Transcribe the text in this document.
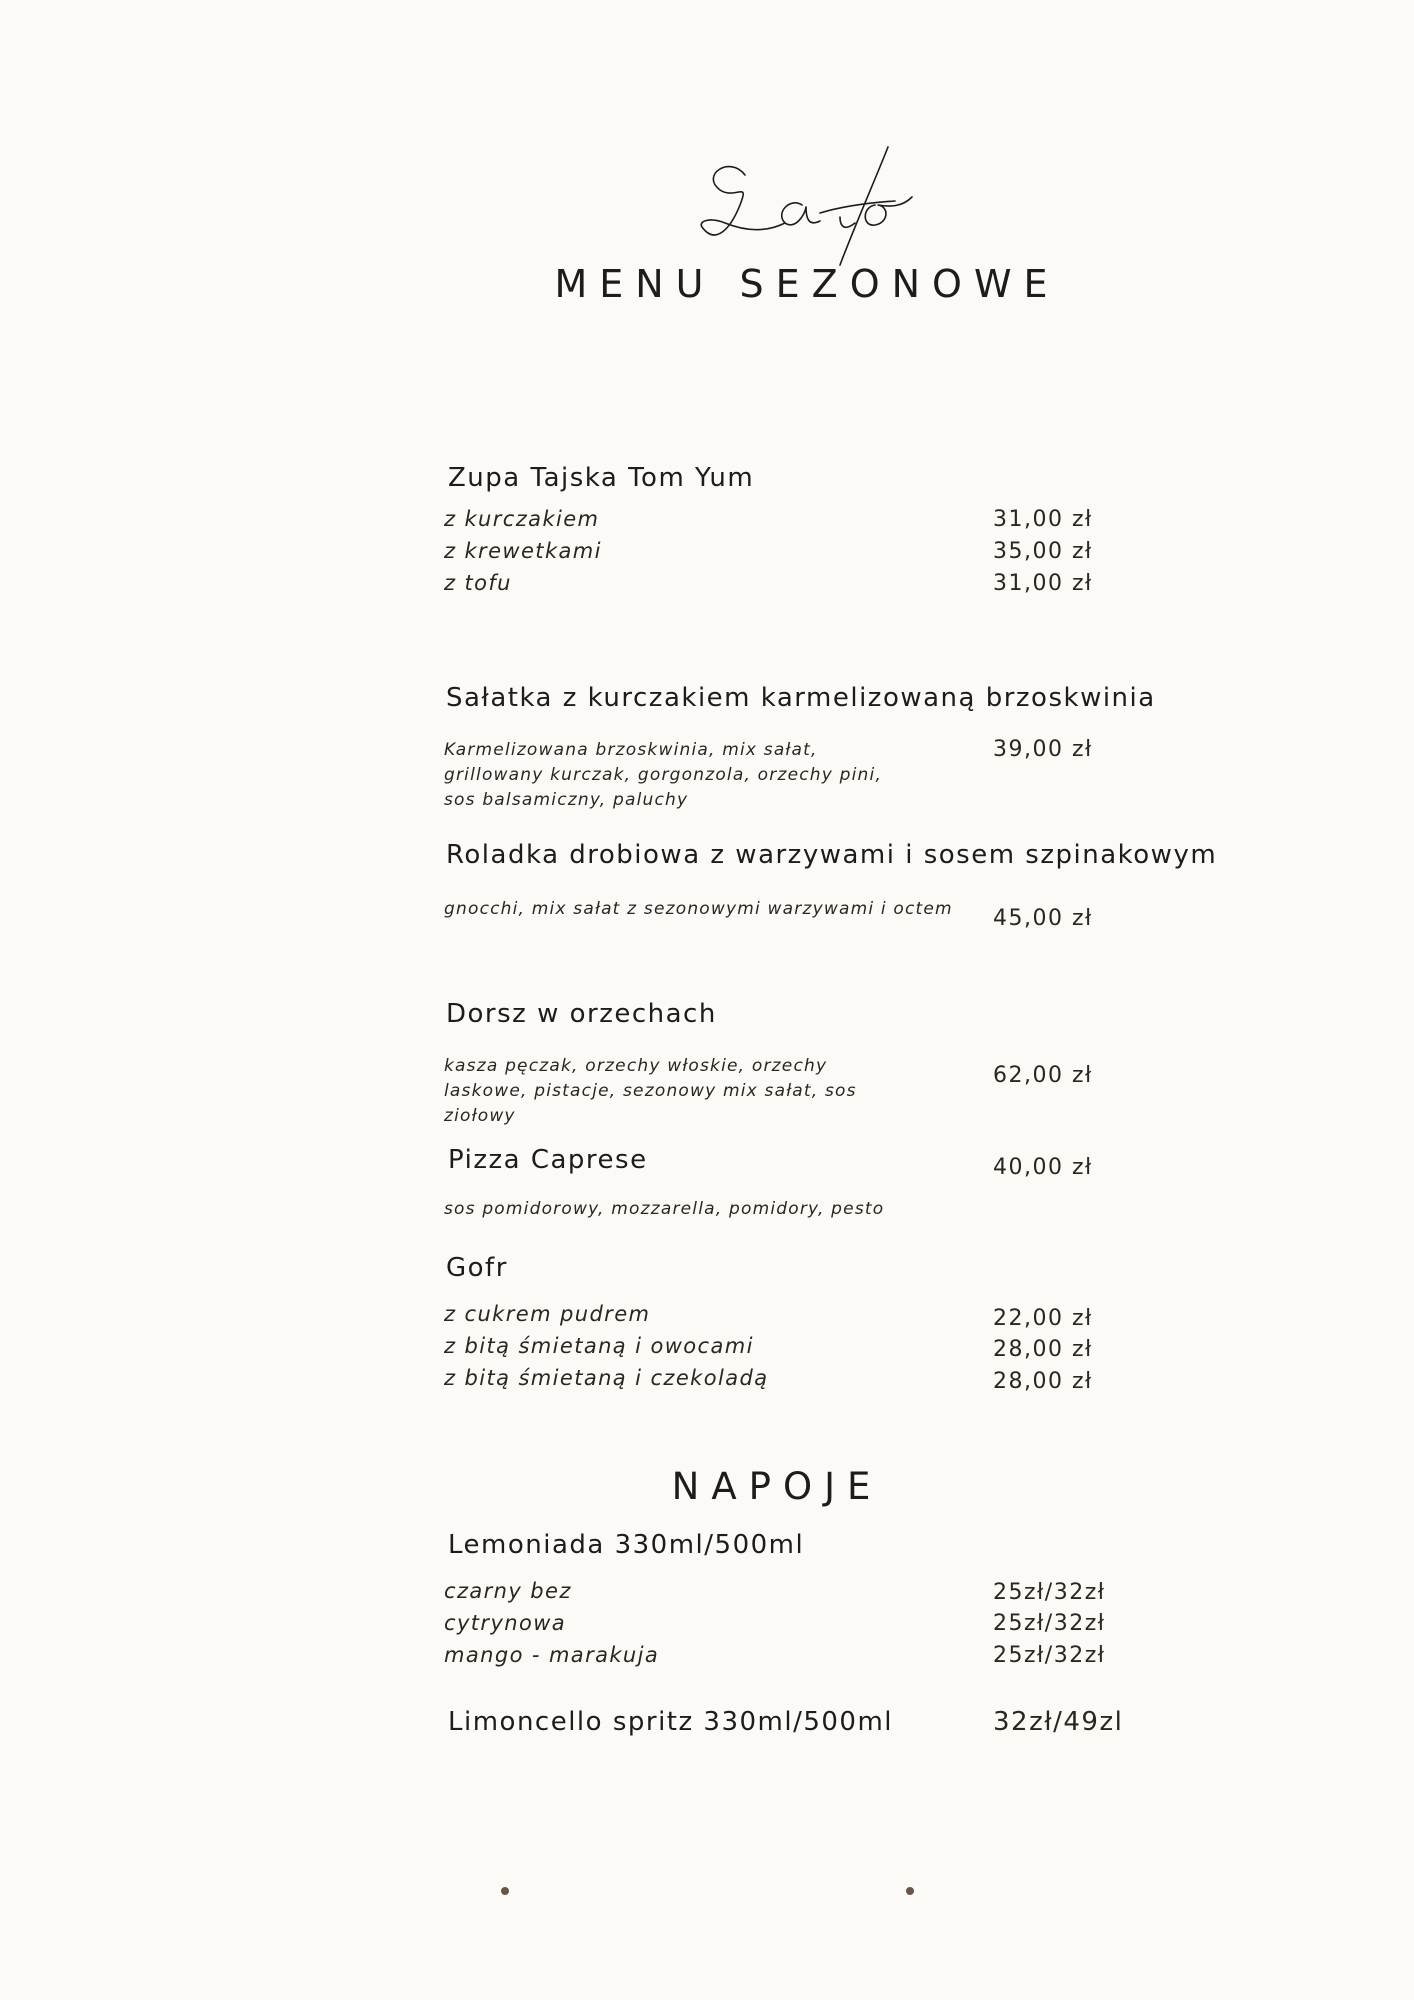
MENU SEZONOWE
Zupa Tajska Tom Yum
z kurczakiem	31,00 zł
z krewetkami	35,00 zł
z tofu	31,00 zł
Sałatka z kurczakiem karmelizowaną brzoskwinia
Karmelizowana brzoskwinia, mix sałat, grillowany kurczak, gorgonzola, orzechy pini, sos balsamiczny, paluchy
39,00 zł
Roladka drobiowa z warzywami i sosem szpinakowym
gnocchi, mix sałat z sezonowymi warzywami i octem	45,00 zł
Dorsz w orzechach
kasza pęczak, orzechy włoskie, orzechy laskowe, pistacje, sezonowy mix sałat, sos ziołowy
62,00 zł
Pizza Caprese	40,00 zł
sos pomidorowy, mozzarella, pomidory, pesto
Gofr
z cukrem pudrem	22,00 zł
z bitą śmietaną i owocami	28,00 zł
z bitą śmietaną i czekoladą	28,00 zł
NAPOJE
Lemoniada 330ml/500ml
czarny bez	25zł/32zł
cytrynowa	25zł/32zł
mango - marakuja	25zł/32zł
Limoncello spritz 330ml/500ml	32zł/49zl
